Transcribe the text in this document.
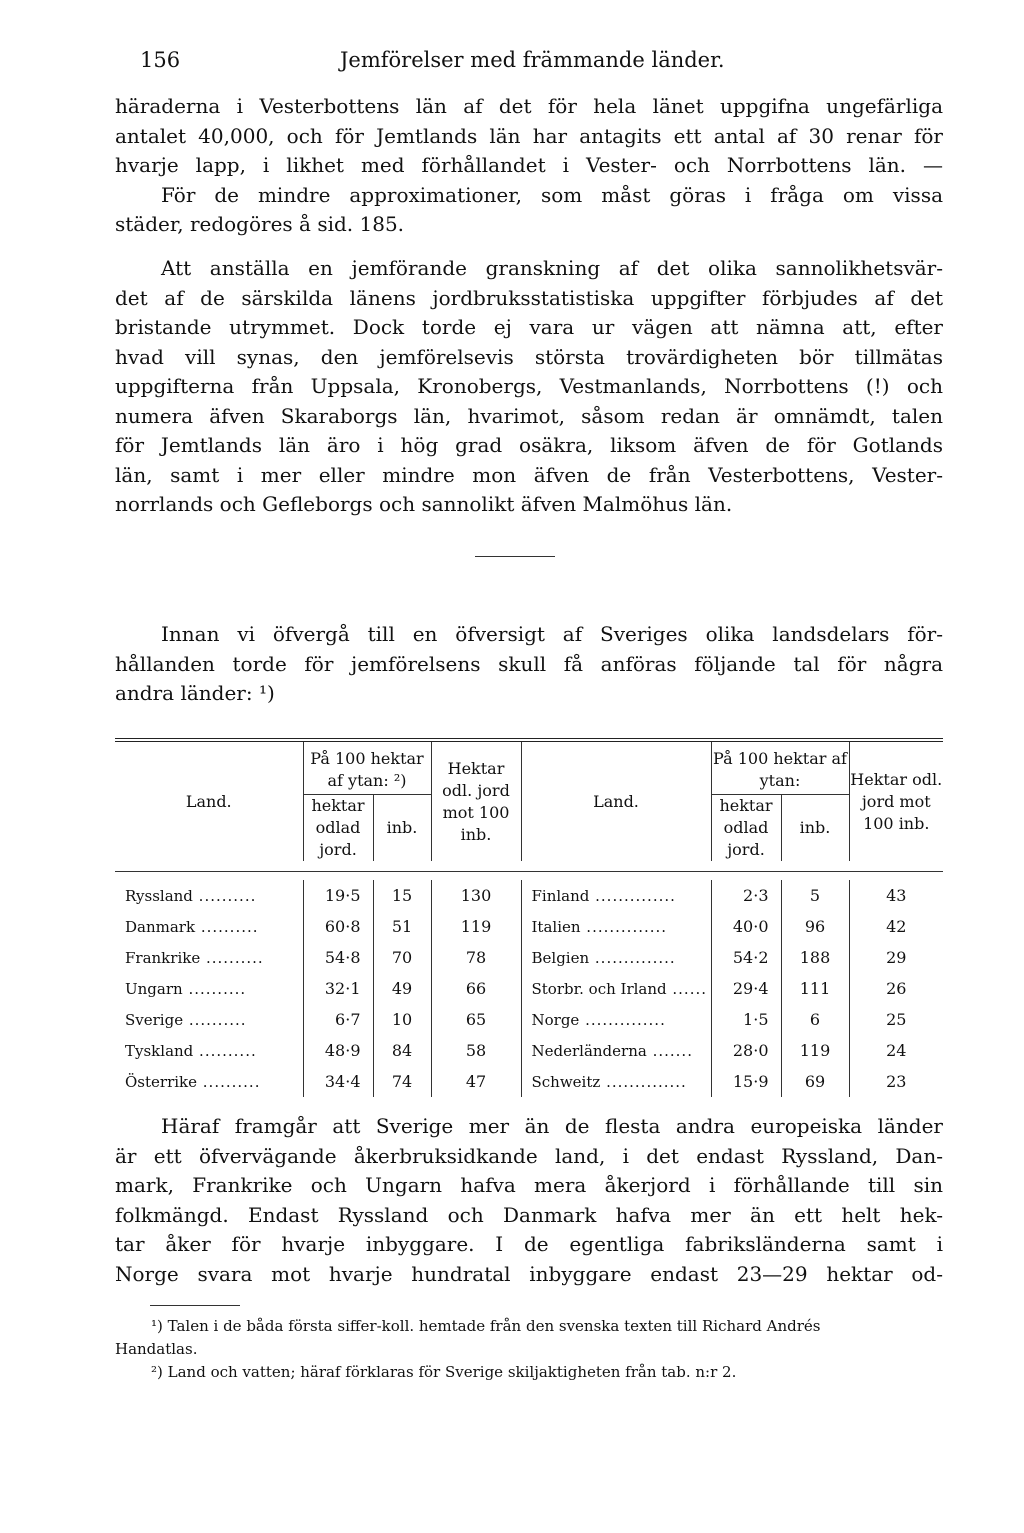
156	Jemförelser med främmande länder.
häraderna i Vesterbottens län af det för hela länet uppgifna ungefärliga
antalet 40,000, och för Jemtlands län har antagits ett antal af 30 renar för
hvarje lapp, i likhet med förhållandet i Vester- och Norrbottens län. —
För de mindre approximationer, som måst göras i fråga om vissa
städer, redogöres å sid. 185.
Att anställa en jemförande granskning af det olika sannolikhetsvär-
det af de särskilda länens jordbruksstatistiska uppgifter förbjudes af det
bristande utrymmet. Dock torde ej vara ur vägen att nämna att, efter
hvad vill synas, den jemförelsevis största trovärdigheten bör tillmätas
uppgifterna från Uppsala, Kronobergs, Vestmanlands, Norrbottens (!) och
numera äfven Skaraborgs län, hvarimot, såsom redan är omnämdt, talen
för Jemtlands län äro i hög grad osäkra, liksom äfven de för Gotlands
län, samt i mer eller mindre mon äfven de från Vesterbottens, Vester-
norrlands och Gefleborgs och sannolikt äfven Malmöhus län.
Innan vi öfvergå till en öfversigt af Sveriges olika landsdelars för-
hållanden torde för jemförelsens skull få anföras följande tal för några
andra länder: ¹)
Land.	På 100 hektar af ytan: ²)		Hektar odl. jord mot 100 inb.	Land.	På 100 hektar af ytan:		Hektar odl. jord mot 100 inb.
	hektar odlad jord.	inb.			hektar odlad jord.	inb.	

Ryssland ..........	19·5	15	130	Finland ..............	2·3	5	43
Danmark ..........	60·8	51	119	Italien ..............	40·0	96	42
Frankrike ..........	54·8	70	78	Belgien ..............	54·2	188	29
Ungarn ..........	32·1	49	66	Storbr. och Irland ......	29·4	111	26
Sverige ..........	6·7	10	65	Norge ..............	1·5	6	25
Tyskland ..........	48·9	84	58	Nederländerna .......	28·0	119	24
Österrike ..........	34·4	74	47	Schweitz ..............	15·9	69	23
Häraf framgår att Sverige mer än de flesta andra europeiska länder
är ett öfvervägande åkerbruksidkande land, i det endast Ryssland, Dan-
mark, Frankrike och Ungarn hafva mera åkerjord i förhållande till sin
folkmängd. Endast Ryssland och Danmark hafva mer än ett helt hek-
tar åker för hvarje inbyggare. I de egentliga fabriksländerna samt i
Norge svara mot hvarje hundratal inbyggare endast 23—29 hektar od-
¹) Talen i de båda första siffer-koll. hemtade från den svenska texten till Richard Andrés
Handatlas.
²) Land och vatten; häraf förklaras för Sverige skiljaktigheten från tab. n:r 2.
